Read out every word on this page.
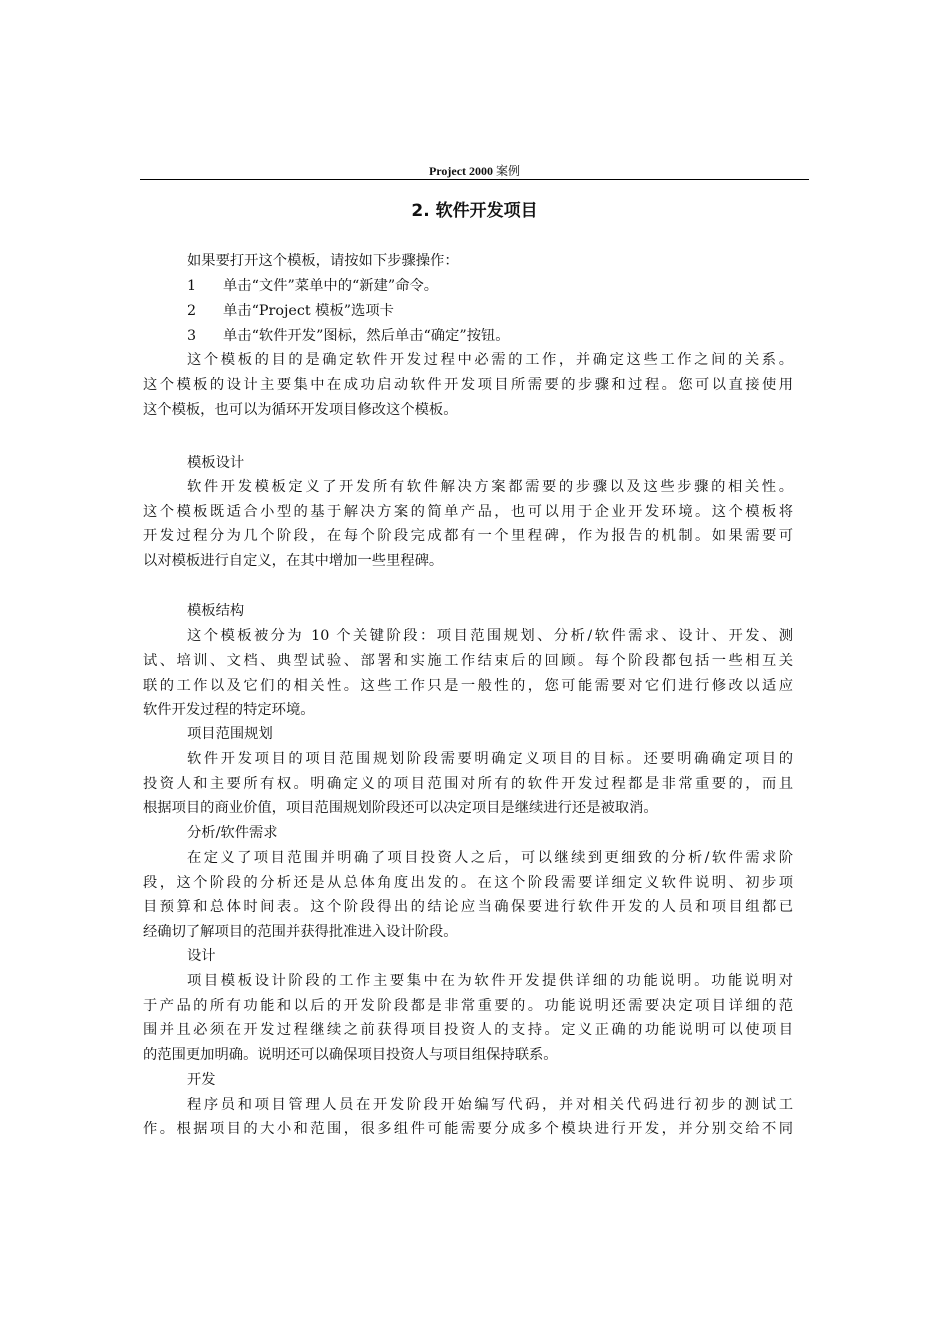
Project 2000 案例
2. 软件开发项目
如果要打开这个模板，请按如下步骤操作：
1 单击“文件”菜单中的“新建”命令。
2 单击“Project 模板”选项卡
3 单击“软件开发”图标，然后单击“确定”按钮。
这个模板的目的是确定软件开发过程中必需的工作，并确定这些工作之间的关系。
这个模板的设计主要集中在成功启动软件开发项目所需要的步骤和过程。您可以直接使用
这个模板，也可以为循环开发项目修改这个模板。
模板设计
软件开发模板定义了开发所有软件解决方案都需要的步骤以及这些步骤的相关性。
这个模板既适合小型的基于解决方案的简单产品，也可以用于企业开发环境。这个模板将
开发过程分为几个阶段，在每个阶段完成都有一个里程碑，作为报告的机制。如果需要可
以对模板进行自定义，在其中增加一些里程碑。
模板结构
这个模板被分为 10 个关键阶段：项目范围规划、分析/软件需求、设计、开发、测
试、培训、文档、典型试验、部署和实施工作结束后的回顾。每个阶段都包括一些相互关
联的工作以及它们的相关性。这些工作只是一般性的，您可能需要对它们进行修改以适应
软件开发过程的特定环境。
项目范围规划
软件开发项目的项目范围规划阶段需要明确定义项目的目标。还要明确确定项目的
投资人和主要所有权。明确定义的项目范围对所有的软件开发过程都是非常重要的，而且
根据项目的商业价值，项目范围规划阶段还可以决定项目是继续进行还是被取消。
分析/软件需求
在定义了项目范围并明确了项目投资人之后，可以继续到更细致的分析/软件需求阶
段，这个阶段的分析还是从总体角度出发的。在这个阶段需要详细定义软件说明、初步项
目预算和总体时间表。这个阶段得出的结论应当确保要进行软件开发的人员和项目组都已
经确切了解项目的范围并获得批准进入设计阶段。
设计
项目模板设计阶段的工作主要集中在为软件开发提供详细的功能说明。功能说明对
于产品的所有功能和以后的开发阶段都是非常重要的。功能说明还需要决定项目详细的范
围并且必须在开发过程继续之前获得项目投资人的支持。定义正确的功能说明可以使项目
的范围更加明确。说明还可以确保项目投资人与项目组保持联系。
开发
程序员和项目管理人员在开发阶段开始编写代码，并对相关代码进行初步的测试工
作。根据项目的大小和范围，很多组件可能需要分成多个模块进行开发，并分别交给不同
